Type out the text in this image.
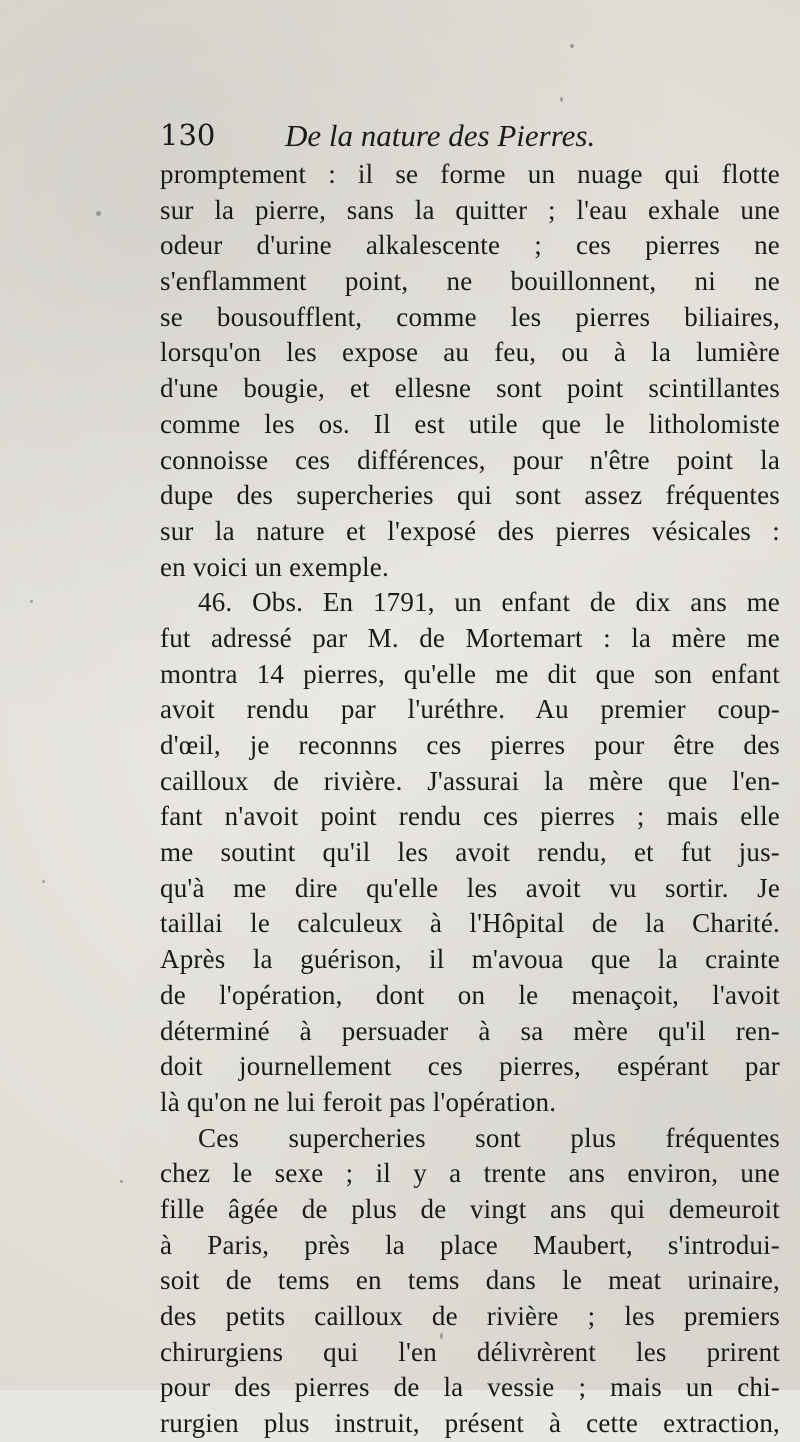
130 De la nature des Pierres.
promptement : il se forme un nuage qui flotte
sur la pierre, sans la quitter ; l'eau exhale une
odeur d'urine alkalescente ; ces pierres ne
s'enflamment point, ne bouillonnent, ni ne
se bousoufflent, comme les pierres biliaires,
lorsqu'on les expose au feu, ou à la lumière
d'une bougie, et ellesne sont point scintillantes
comme les os. Il est utile que le litholomiste
connoisse ces différences, pour n'être point la
dupe des supercheries qui sont assez fréquentes
sur la nature et l'exposé des pierres vésicales :
en voici un exemple.
46. Obs. En 1791, un enfant de dix ans me
fut adressé par M. de Mortemart : la mère me
montra 14 pierres, qu'elle me dit que son enfant
avoit rendu par l'uréthre. Au premier coup-
d'œil, je reconnns ces pierres pour être des
cailloux de rivière. J'assurai la mère que l'en-
fant n'avoit point rendu ces pierres ; mais elle
me soutint qu'il les avoit rendu, et fut jus-
qu'à me dire qu'elle les avoit vu sortir. Je
taillai le calculeux à l'Hôpital de la Charité.
Après la guérison, il m'avoua que la crainte
de l'opération, dont on le menaçoit, l'avoit
déterminé à persuader à sa mère qu'il ren-
doit journellement ces pierres, espérant par
là qu'on ne lui feroit pas l'opération.
Ces supercheries sont plus fréquentes
chez le sexe ; il y a trente ans environ, une
fille âgée de plus de vingt ans qui demeuroit
à Paris, près la place Maubert, s'introdui-
soit de tems en tems dans le meat urinaire,
des petits cailloux de rivière ; les premiers
chirurgiens qui l'en délivrèrent les prirent
pour des pierres de la vessie ; mais un chi-
rurgien plus instruit, présent à cette extraction,
